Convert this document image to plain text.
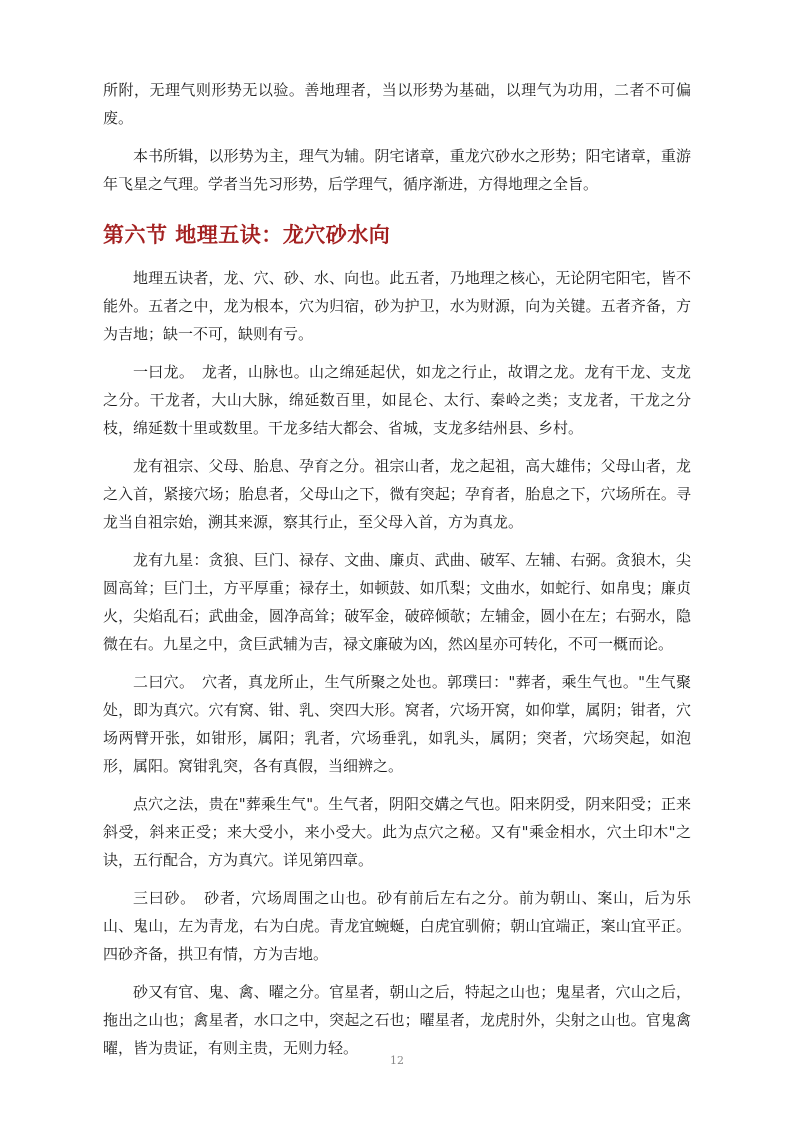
所附，无理气则形势无以验。善地理者，当以形势为基础，以理气为功用，二者不可偏废。

本书所辑，以形势为主，理气为辅。阴宅诸章，重龙穴砂水之形势；阳宅诸章，重游年飞星之气理。学者当先习形势，后学理气，循序渐进，方得地理之全旨。

第六节 地理五诀：龙穴砂水向

地理五诀者，龙、穴、砂、水、向也。此五者，乃地理之核心，无论阴宅阳宅，皆不能外。五者之中，龙为根本，穴为归宿，砂为护卫，水为财源，向为关键。五者齐备，方为吉地；缺一不可，缺则有亏。

一曰龙。　龙者，山脉也。山之绵延起伏，如龙之行止，故谓之龙。龙有干龙、支龙之分。干龙者，大山大脉，绵延数百里，如昆仑、太行、秦岭之类；支龙者，干龙之分枝，绵延数十里或数里。干龙多结大都会、省城，支龙多结州县、乡村。

龙有祖宗、父母、胎息、孕育之分。祖宗山者，龙之起祖，高大雄伟；父母山者，龙之入首，紧接穴场；胎息者，父母山之下，微有突起；孕育者，胎息之下，穴场所在。寻龙当自祖宗始，溯其来源，察其行止，至父母入首，方为真龙。

龙有九星：贪狼、巨门、禄存、文曲、廉贞、武曲、破军、左辅、右弼。贪狼木，尖圆高耸；巨门土，方平厚重；禄存土，如顿鼓、如爪梨；文曲水，如蛇行、如帛曳；廉贞火，尖焰乱石；武曲金，圆净高耸；破军金，破碎倾欹；左辅金，圆小在左；右弼水，隐微在右。九星之中，贪巨武辅为吉，禄文廉破为凶，然凶星亦可转化，不可一概而论。

二曰穴。　穴者，真龙所止，生气所聚之处也。郭璞曰："葬者，乘生气也。"生气聚处，即为真穴。穴有窝、钳、乳、突四大形。窝者，穴场开窝，如仰掌，属阴；钳者，穴场两臂开张，如钳形，属阳；乳者，穴场垂乳，如乳头，属阴；突者，穴场突起，如泡形，属阳。窝钳乳突，各有真假，当细辨之。

点穴之法，贵在"葬乘生气"。生气者，阴阳交媾之气也。阳来阴受，阴来阳受；正来斜受，斜来正受；来大受小，来小受大。此为点穴之秘。又有"乘金相水，穴土印木"之诀，五行配合，方为真穴。详见第四章。

三曰砂。　砂者，穴场周围之山也。砂有前后左右之分。前为朝山、案山，后为乐山、鬼山，左为青龙，右为白虎。青龙宜蜿蜒，白虎宜驯俯；朝山宜端正，案山宜平正。四砂齐备，拱卫有情，方为吉地。

砂又有官、鬼、禽、曜之分。官星者，朝山之后，特起之山也；鬼星者，穴山之后，拖出之山也；禽星者，水口之中，突起之石也；曜星者，龙虎肘外，尖射之山也。官鬼禽曜，皆为贵证，有则主贵，无则力轻。

12
